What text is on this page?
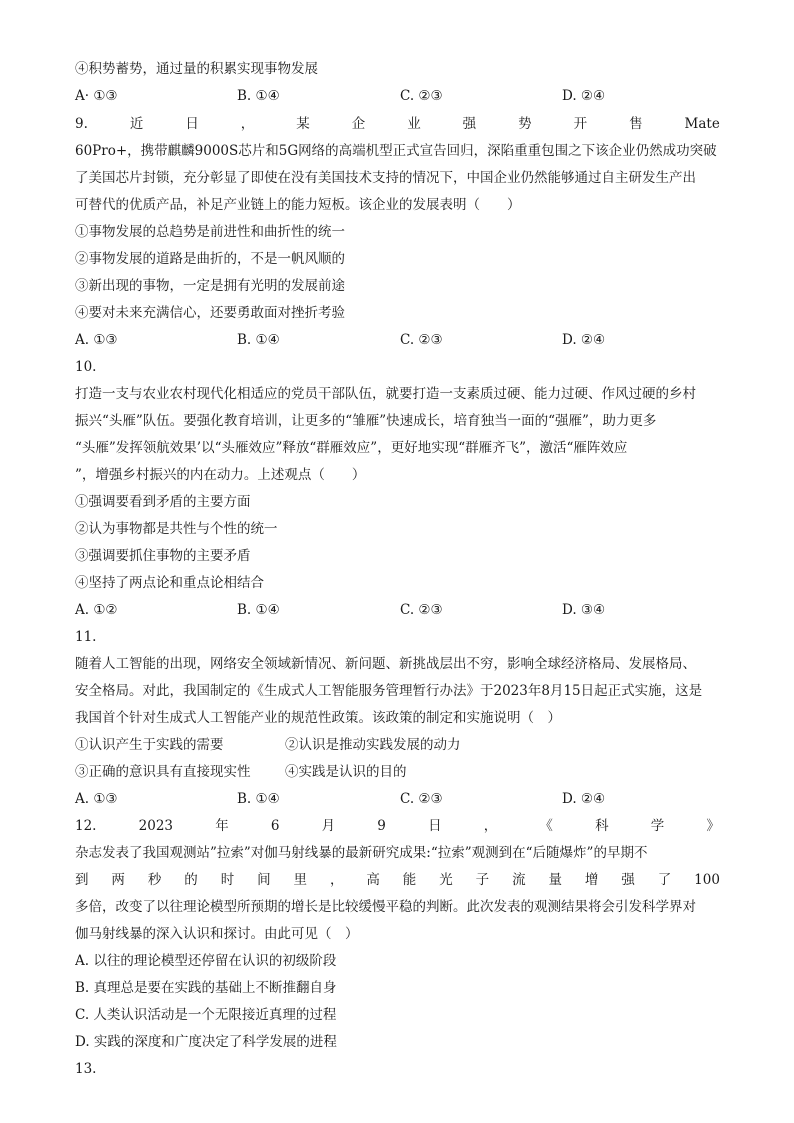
④积势蓄势，通过量的积累实现事物发展
A· ①③	B. ①④	C. ②③	D. ②④
9.	近	日	，	某	企	业	强	势	开	售	Mate
60Pro+，携带麒麟9000S芯片和5G网络的高端机型正式宣告回归，深陷重重包围之下该企业仍然成功突破
了美国芯片封锁，充分彰显了即使在没有美国技术支持的情况下，中国企业仍然能够通过自主研发生产出
可替代的优质产品，补足产业链上的能力短板。该企业的发展表明（　　）
①事物发展的总趋势是前进性和曲折性的统一
②事物发展的道路是曲折的，不是一帆风顺的
③新出现的事物，一定是拥有光明的发展前途
④要对未来充满信心，还要勇敢面对挫折考验
A. ①③	B. ①④	C. ②③	D. ②④
10.
打造一支与农业农村现代化相适应的党员干部队伍，就要打造一支素质过硬、能力过硬、作风过硬的乡村
振兴“头雁”队伍。要强化教育培训，让更多的“雏雁”快速成长，培育独当一面的“强雁”，助力更多
“头雁”发挥领航效果’以“头雁效应”释放“群雁效应”，更好地实现“群雁齐飞”，激活“雁阵效应
”，增强乡村振兴的内在动力。上述观点（　　）
①强调要看到矛盾的主要方面
②认为事物都是共性与个性的统一
③强调要抓住事物的主要矛盾
④坚持了两点论和重点论相结合
A. ①②	B. ①④	C. ②③	D. ③④
11.
随着人工智能的出现，网络安全领域新情况、新问题、新挑战层出不穷，影响全球经济格局、发展格局、
安全格局。对此，我国制定的《生成式人工智能服务管理暂行办法》于2023年8月15日起正式实施，这是
我国首个针对生成式人工智能产业的规范性政策。该政策的制定和实施说明（　）
①认识产生于实践的需要	②认识是推动实践发展的动力
③正确的意识具有直接现实性	④实践是认识的目的
A. ①③	B. ①④	C. ②③	D. ②④
12.	2023	年	6	月	9	日	，	《	科	学	》
杂志发表了我国观测站”拉索”对伽马射线暴的最新研究成果:“拉索”观测到在“后随爆炸”的早期不
到 两 秒 的 时 间 里 ， 高 能 光 子 流 量 增 强 了 100
多倍，改变了以往理论模型所预期的增长是比较缓慢平稳的判断。此次发表的观测结果将会引发科学界对
伽马射线暴的深入认识和探讨。由此可见（　）
A. 以往的理论模型还停留在认识的初级阶段
B. 真理总是要在实践的基础上不断推翻自身
C. 人类认识活动是一个无限接近真理的过程
D. 实践的深度和广度决定了科学发展的进程
13.
